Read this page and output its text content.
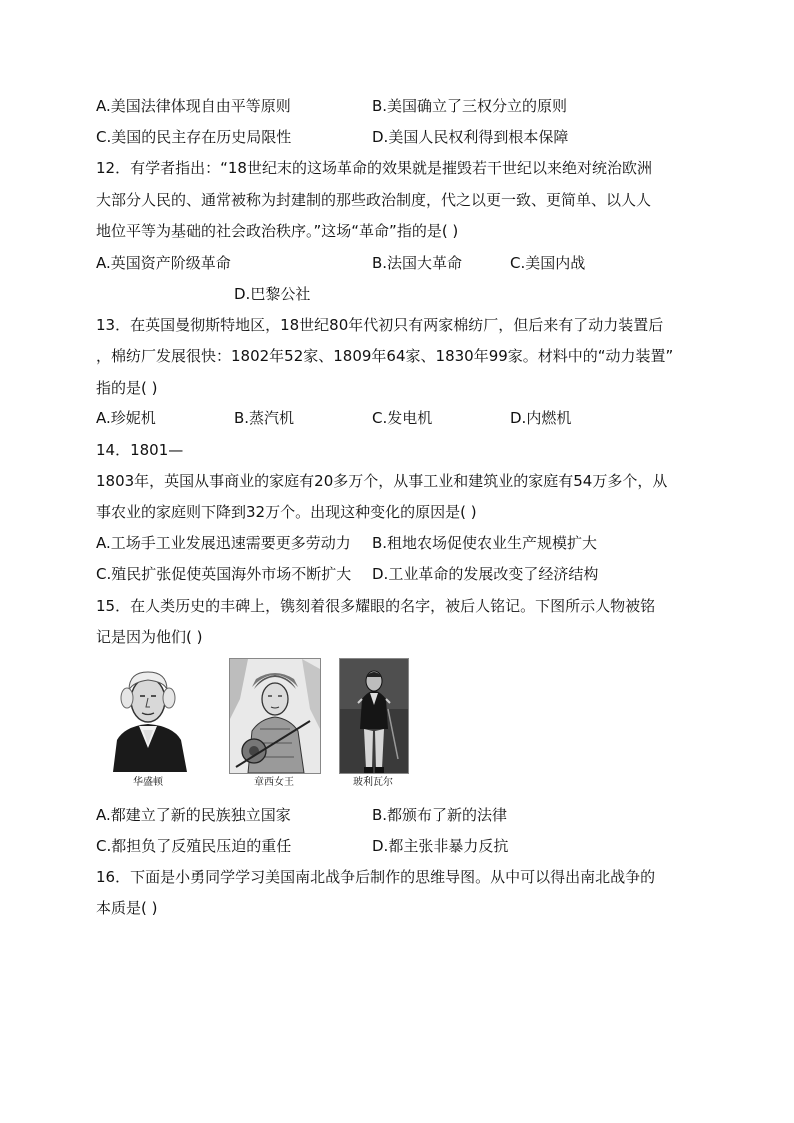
A.美国法律体现自由平等原则	B.美国确立了三权分立的原则
C.美国的民主存在历史局限性	D.美国人民权利得到根本保障
12．有学者指出：“18世纪末的这场革命的效果就是摧毁若干世纪以来绝对统治欧洲
大部分人民的、通常被称为封建制的那些政治制度，代之以更一致、更简单、以人人
地位平等为基础的社会政治秩序。”这场“革命”指的是( )
A.英国资产阶级革命	B.法国大革命	C.美国内战
D.巴黎公社
13．在英国曼彻斯特地区，18世纪80年代初只有两家棉纺厂，但后来有了动力装置后
，棉纺厂发展很快：1802年52家、1809年64家、1830年99家。材料中的“动力装置”
指的是( )
A.珍妮机	B.蒸汽机	C.发电机	D.内燃机
14．1801—
1803年，英国从事商业的家庭有20多万个，从事工业和建筑业的家庭有54万多个，从
事农业的家庭则下降到32万个。出现这种变化的原因是( )
A.工场手工业发展迅速需要更多劳动力 B.租地农场促使农业生产规模扩大
C.殖民扩张促使英国海外市场不断扩大 D.工业革命的发展改变了经济结构
15．在人类历史的丰碑上，镌刻着很多耀眼的名字，被后人铭记。下图所示人物被铭
记是因为他们( )
华盛顿	章西女王	玻利瓦尔
A.都建立了新的民族独立国家	B.都颁布了新的法律
C.都担负了反殖民压迫的重任	D.都主张非暴力反抗
16．下面是小勇同学学习美国南北战争后制作的思维导图。从中可以得出南北战争的
本质是( )
